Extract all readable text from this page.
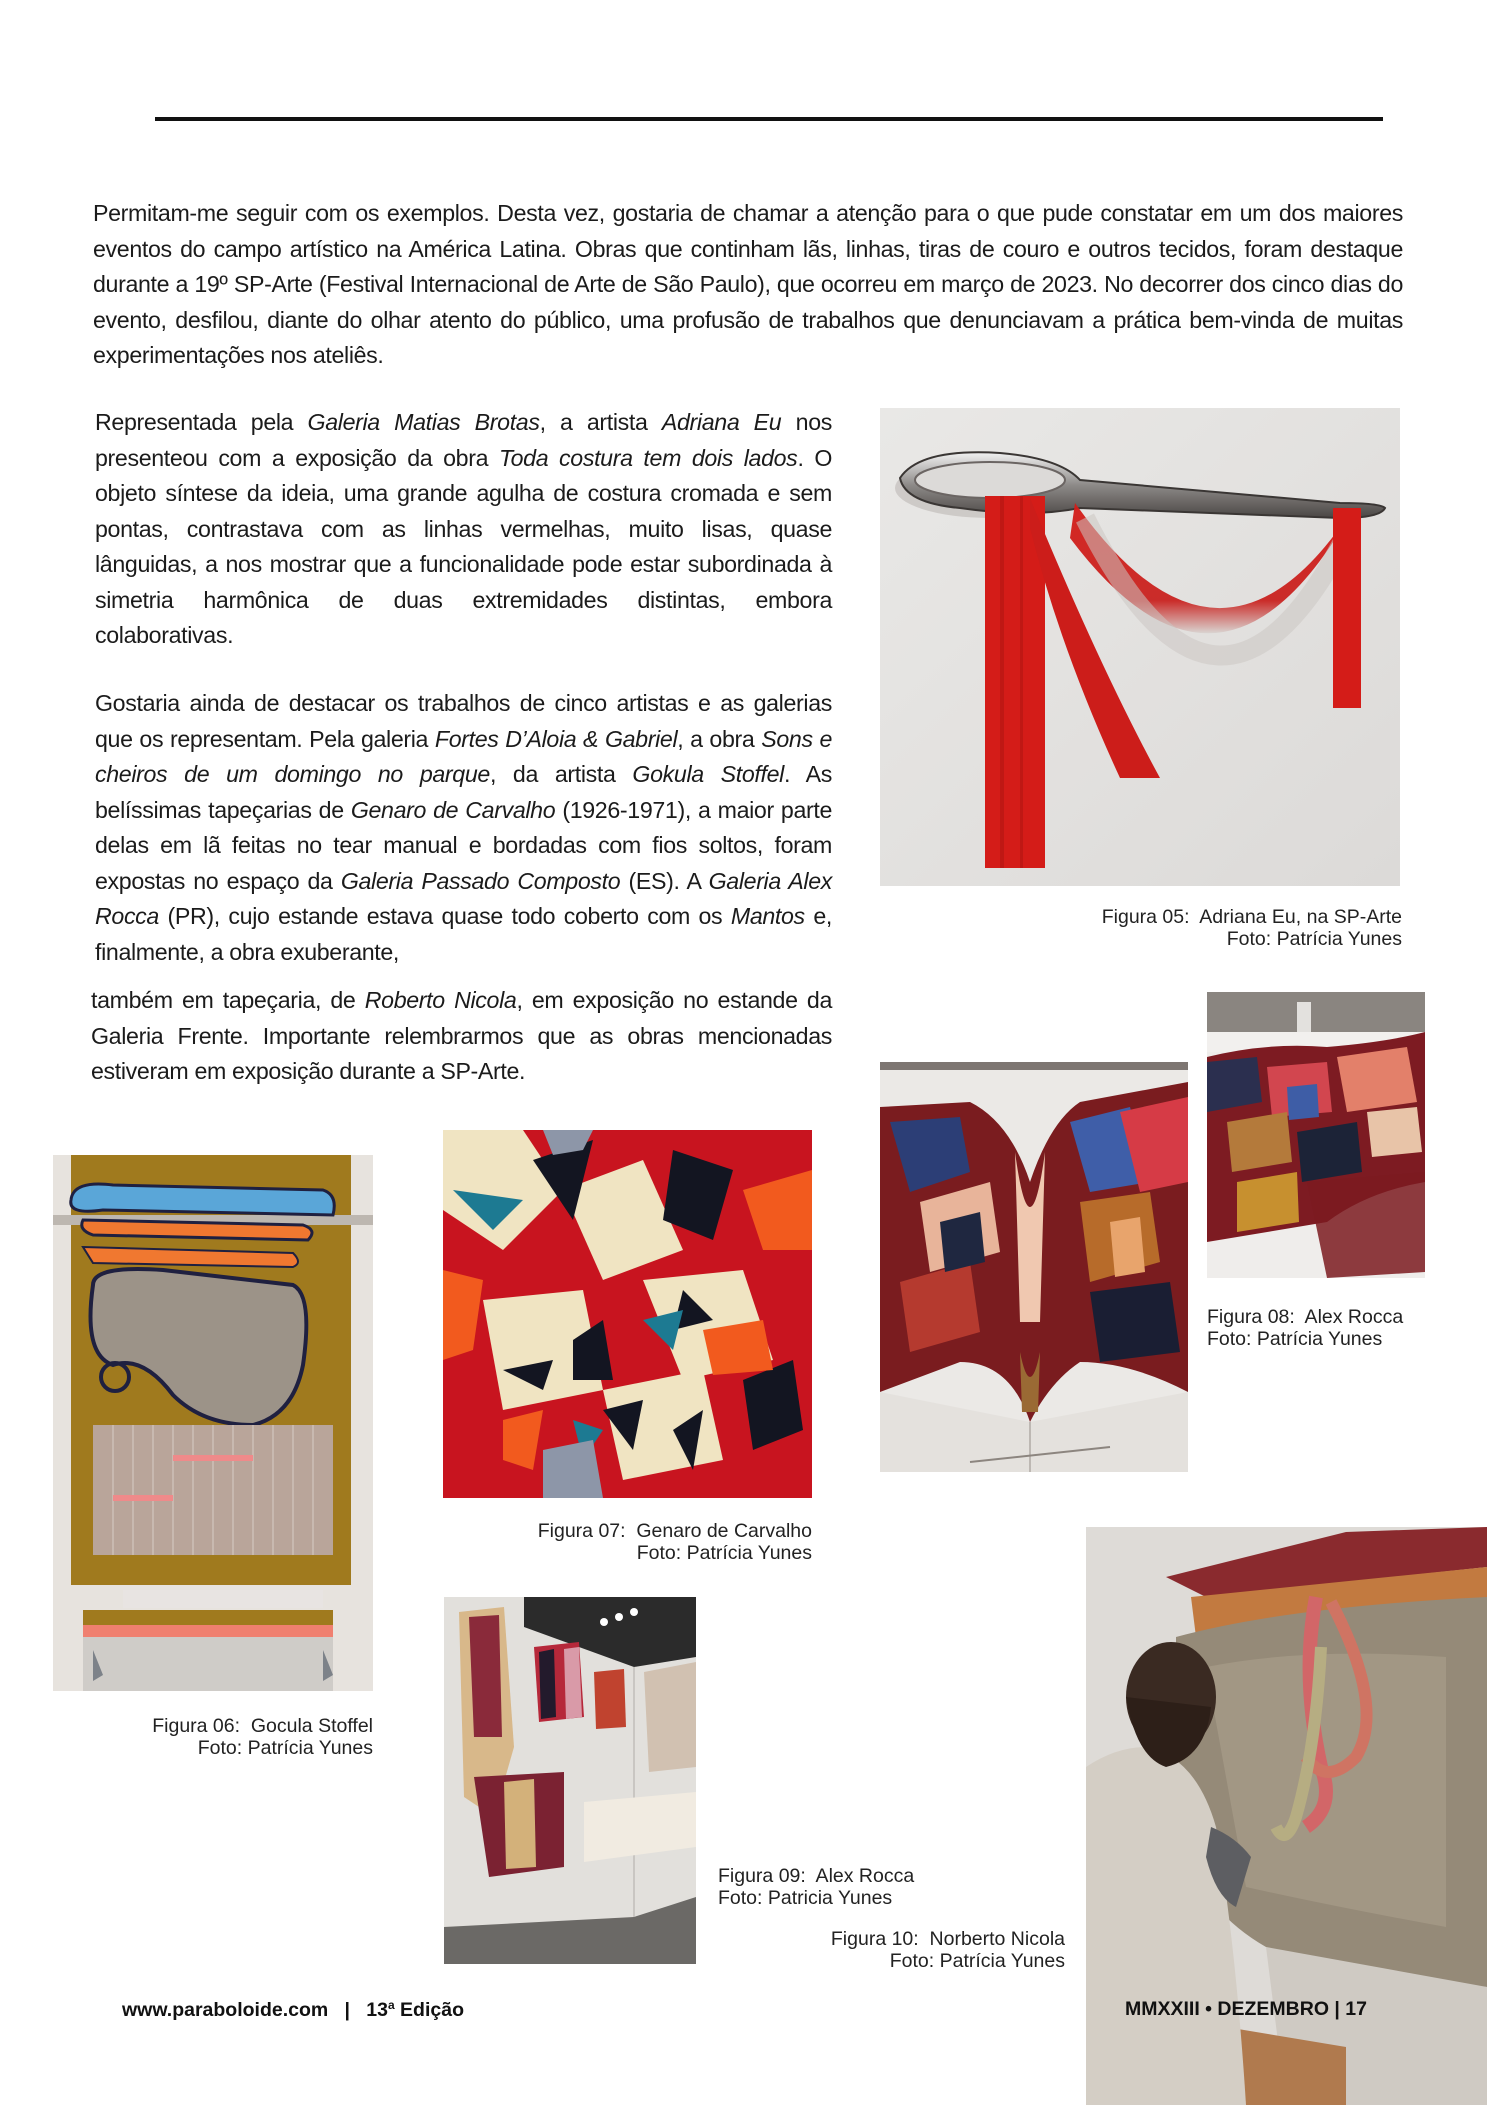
Permitam-me seguir com os exemplos. Desta vez, gostaria de chamar a atenção para o que pude constatar em um dos maiores eventos do campo artístico na América Latina. Obras que continham lãs, linhas, tiras de couro e outros tecidos, foram destaque durante a 19º SP-Arte (Festival Internacional de Arte de São Paulo), que ocorreu em março de 2023. No decorrer dos cinco dias do evento, desfilou, diante do olhar atento do público, uma profusão de trabalhos que denunciavam a prática bem-vinda de muitas experimentações nos ateliês.

Representada pela Galeria Matias Brotas, a artista Adriana Eu nos presenteou com a exposição da obra Toda costura tem dois lados. O objeto síntese da ideia, uma grande agulha de costura cromada e sem pontas, contrastava com as linhas vermelhas, muito lisas, quase lânguidas, a nos mostrar que a funcionalidade pode estar subordinada à simetria harmônica de duas extremidades distintas, embora colaborativas.

Gostaria ainda de destacar os trabalhos de cinco artistas e as galerias que os representam. Pela galeria Fortes D’Aloia & Gabriel, a obra Sons e cheiros de um domingo no parque, da artista Gokula Stoffel. As belíssimas tapeçarias de Genaro de Carvalho (1926-1971), a maior parte delas em lã feitas no tear manual e bordadas com fios soltos, foram expostas no espaço da Galeria Passado Composto (ES). A Galeria Alex Rocca (PR), cujo estande estava quase todo coberto com os Mantos e, finalmente, a obra exuberante,

também em tapeçaria, de Roberto Nicola, em exposição no estande da Galeria Frente. Importante relembrarmos que as obras mencionadas estiveram em exposição durante a SP-Arte.

Figura 05:  Adriana Eu, na SP-Arte
Foto: Patrícia Yunes
Figura 08:  Alex Rocca
Foto: Patrícia Yunes
Figura 06:  Gocula Stoffel
Foto: Patrícia Yunes
Figura 07:  Genaro de Carvalho
Foto: Patrícia Yunes
Figura 09:  Alex Rocca
Foto: Patricia Yunes
Figura 10:  Norberto Nicola
Foto: Patrícia Yunes
www.paraboloide.com | 13$^a$ Edição	MMXXIII • DEZEMBRO | 17
